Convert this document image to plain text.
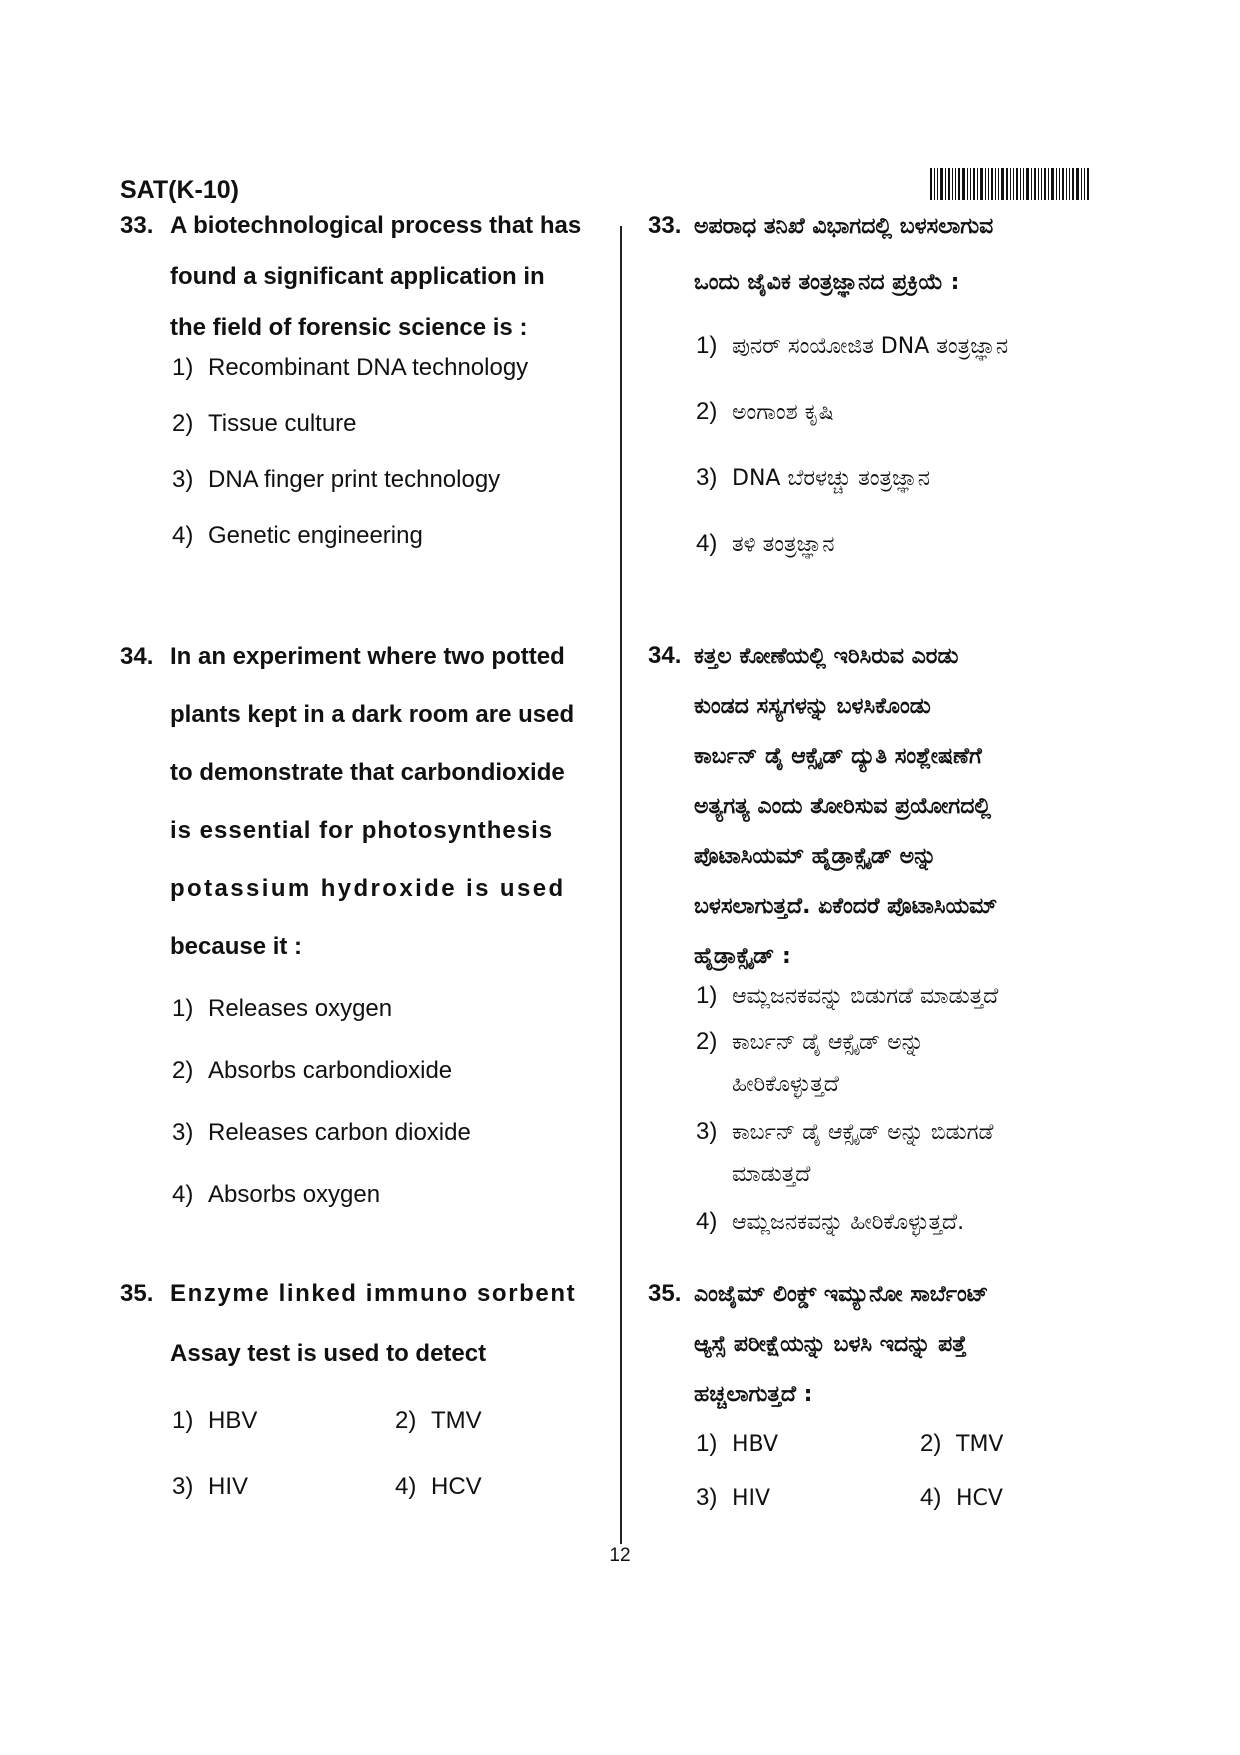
SAT(K-10)
33. A biotechnological process that has
found a significant application in
the field of forensic science is :
1) Recombinant DNA technology
2) Tissue culture
3) DNA finger print technology
4) Genetic engineering
34. In an experiment where two potted
plants kept in a dark room are used
to demonstrate that carbondioxide
is essential for photosynthesis
potassium hydroxide is used
because it :
1) Releases oxygen
2) Absorbs carbondioxide
3) Releases carbon dioxide
4) Absorbs oxygen
35. Enzyme linked immuno sorbent
Assay test is used to detect
1) HBV	2) TMV
3) HIV	4) HCV
33. ಅಪರಾಧ ತನಿಖೆ ವಿಭಾಗದಲ್ಲಿ ಬಳಸಲಾಗುವ
ಒಂದು ಜೈವಿಕ ತಂತ್ರಜ್ಞಾನದ ಪ್ರಕ್ರಿಯೆ :
1) ಪುನರ್ ಸಂಯೋಜಿತ DNA ತಂತ್ರಜ್ಞಾನ
2) ಅಂಗಾಂಶ ಕೃಷಿ
3) DNA ಬೆರಳಚ್ಚು ತಂತ್ರಜ್ಞಾನ
4) ತಳಿ ತಂತ್ರಜ್ಞಾನ
34. ಕತ್ತಲ ಕೋಣೆಯಲ್ಲಿ ಇರಿಸಿರುವ ಎರಡು
ಕುಂಡದ ಸಸ್ಯಗಳನ್ನು ಬಳಸಿಕೊಂಡು
ಕಾರ್ಬನ್ ಡೈ ಆಕ್ಸೈಡ್ ದ್ಯುತಿ ಸಂಶ್ಲೇಷಣೆಗೆ
ಅತ್ಯಗತ್ಯ ಎಂದು ತೋರಿಸುವ ಪ್ರಯೋಗದಲ್ಲಿ
ಪೊಟಾಸಿಯಮ್ ಹೈಡ್ರಾಕ್ಸೈಡ್ ಅನ್ನು
ಬಳಸಲಾಗುತ್ತದೆ. ಏಕೆಂದರೆ ಪೊಟಾಸಿಯಮ್
ಹೈಡ್ರಾಕ್ಸೈಡ್ :
1) ಆಮ್ಲಜನಕವನ್ನು ಬಿಡುಗಡೆ ಮಾಡುತ್ತದೆ
2) ಕಾರ್ಬನ್ ಡೈ ಆಕ್ಸೈಡ್ ಅನ್ನು
ಹೀರಿಕೊಳ್ಳುತ್ತದೆ
3) ಕಾರ್ಬನ್ ಡೈ ಆಕ್ಸೈಡ್ ಅನ್ನು ಬಿಡುಗಡೆ
ಮಾಡುತ್ತದೆ
4) ಆಮ್ಲಜನಕವನ್ನು ಹೀರಿಕೊಳ್ಳುತ್ತದೆ.
35. ಎಂಜೈಮ್ ಲಿಂಕ್ಡ್ ಇಮ್ಯುನೋ ಸಾರ್ಬೆಂಟ್
ಆ್ಯಸ್ಸೆ ಪರೀಕ್ಷೆಯನ್ನು ಬಳಸಿ ಇದನ್ನು ಪತ್ತೆ
ಹಚ್ಚಲಾಗುತ್ತದೆ :
1) HBV	2) TMV
3) HIV	4) HCV
12
